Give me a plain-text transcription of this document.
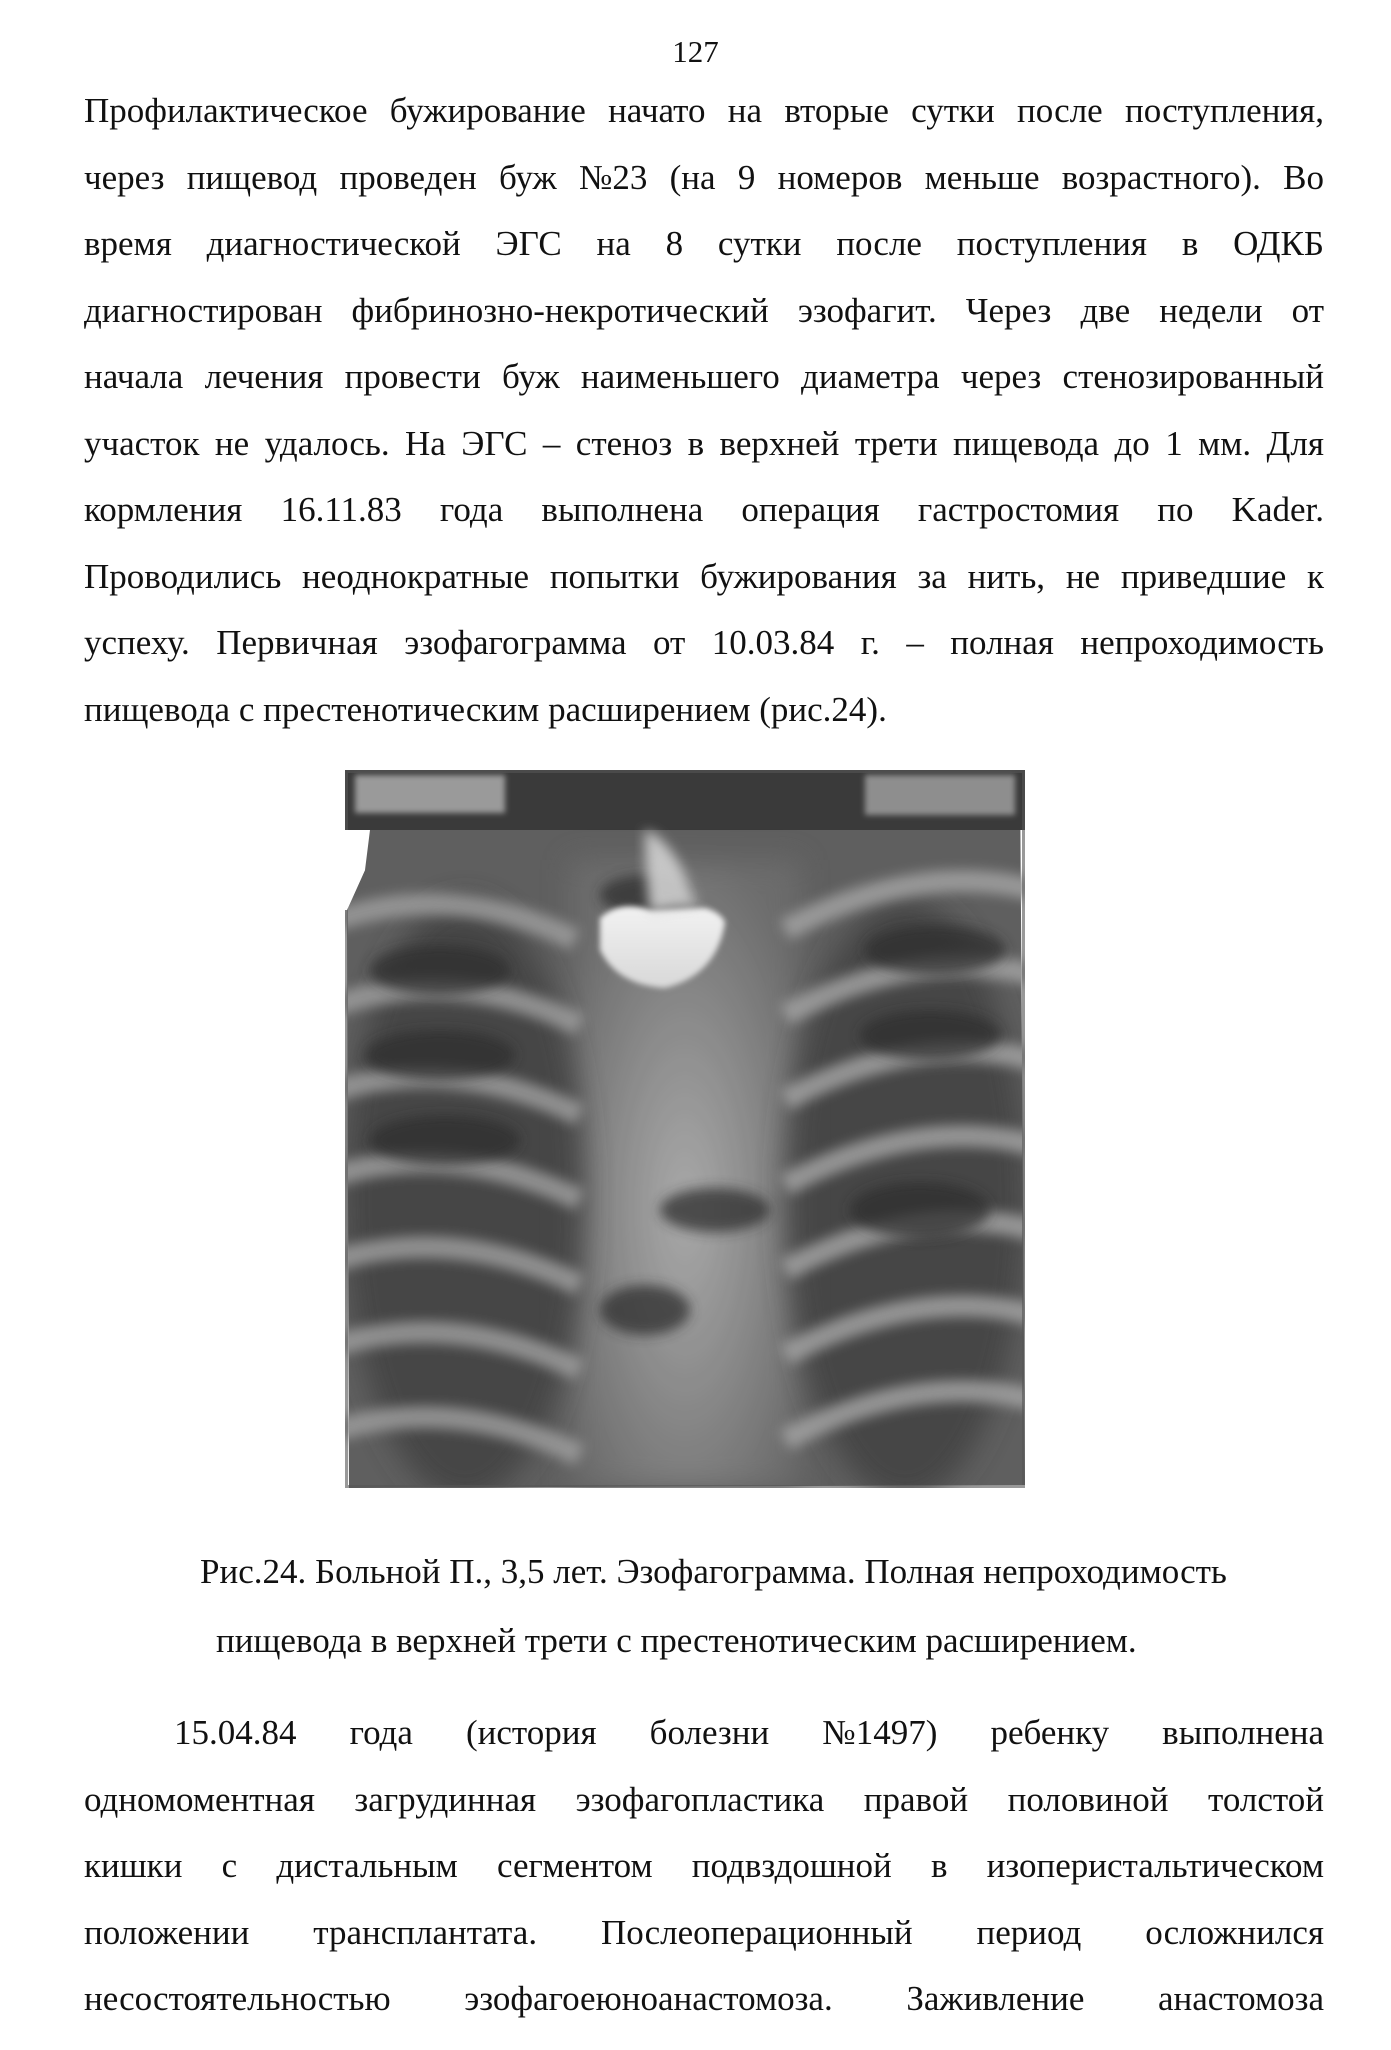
127
Профилактическое бужирование начато на вторые сутки после поступления,
через пищевод проведен буж №23 (на 9 номеров меньше возрастного). Во
время диагностической ЭГС на 8 сутки после поступления в ОДКБ
диагностирован фибринозно-некротический эзофагит. Через две недели от
начала лечения провести буж наименьшего диаметра через стенозированный
участок не удалось. На ЭГС – стеноз в верхней трети пищевода до 1 мм. Для
кормления 16.11.83 года выполнена операция гастростомия по Kader.
Проводились неоднократные попытки бужирования за нить, не приведшие к
успеху. Первичная эзофагограмма от 10.03.84 г. – полная непроходимость
пищевода с престенотическим расширением (рис.24).
Рис.24. Больной П., 3,5 лет. Эзофагограмма. Полная непроходимость
пищевода в верхней трети с престенотическим расширением.
15.04.84 года (история болезни №1497) ребенку выполнена
одномоментная загрудинная эзофагопластика правой половиной толстой
кишки с дистальным сегментом подвздошной в изоперистальтическом
положении трансплантата. Послеоперационный период осложнился
несостоятельностью эзофагоеюноанастомоза. Заживление анастомоза
